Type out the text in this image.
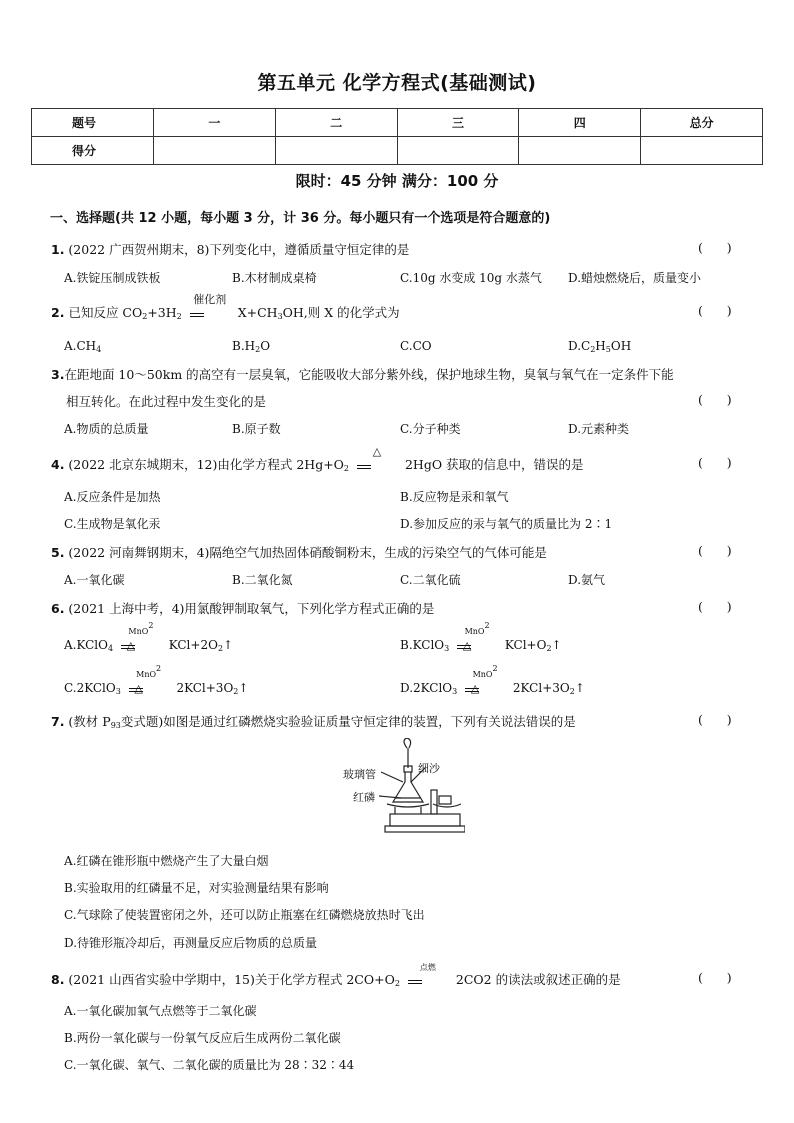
第五单元 化学方程式(基础测试)
题号	一	二	三	四	总分
得分					
限时：45 分钟 满分：100 分
一、选择题(共 12 小题，每小题 3 分，计 36 分。每小题只有一个选项是符合题意的)
1. (2022 广西贺州期末，8)下列变化中，遵循质量守恒定律的是	(      )
A.铁锭压制成铁板	B.木材制成桌椅	C.10g 水变成 10g 水蒸气 D.蜡烛燃烧后，质量变小
2. 已知反应 $CO_2+3H_2$
催化剂
$X+CH_3OH$,则 X 的化学式为	(      )
$A.CH_4$	$B.H_2O$	C.CO	$D.C_2H_5OH$
3.在距地面 10～50km 的高空有一层臭氧，它能吸收大部分紫外线，保护地球生物，臭氧与氧气在一定条件下能
相互转化。在此过程中发生变化的是	(      )
A.物质的总质量	B.原子数	C.分子种类	D.元素种类
4. (2022 北京东城期末，12)由化学方程式 $2Hg+O_2$
△
2HgO 获取的信息中，错误的是	(      )
A.反应条件是加热	B.反应物是汞和氧气
C.生成物是氧化汞	D.参加反应的汞与氧气的质量比为 2∶1
5. (2022 河南舞钢期末，4)隔绝空气加热固体硝酸铜粉末，生成的污染空气的气体可能是	(      )
A.一氧化碳	B.二氧化氮	C.二氧化硫	D.氨气
6. (2021 上海中考，4)用氯酸钾制取氧气，下列化学方程式正确的是	(      )
A.KClO$_4$
MnO2
△	$KCl+2O_2↑$	B.KClO$_3$
MnO2
△	$KCl+O_2↑$
C.2KClO$_3$
MnO2
△	$2KCl+3O_2↑$	D.2KClO$_3$
MnO2
△	$2KCl+3O_2↑$
7. (教材 $P_{93}$变式题)如图是通过红磷燃烧实验验证质量守恒定律的装置，下列有关说法错误的是	(      )
玻璃管	细沙
红磷
A.红磷在锥形瓶中燃烧产生了大量白烟
B.实验取用的红磷量不足，对实验测量结果有影响
C.气球除了使装置密闭之外，还可以防止瓶塞在红磷燃烧放热时飞出
D.待锥形瓶冷却后，再测量反应后物质的总质量
8. (2021 山西省实验中学期中，15)关于化学方程式 $2CO+O_2$
点燃
2CO2 的读法或叙述正确的是	(      )
A.一氧化碳加氧气点燃等于二氧化碳
B.两份一氧化碳与一份氧气反应后生成两份二氧化碳
C.一氧化碳、氧气、二氧化碳的质量比为 28∶32∶44
